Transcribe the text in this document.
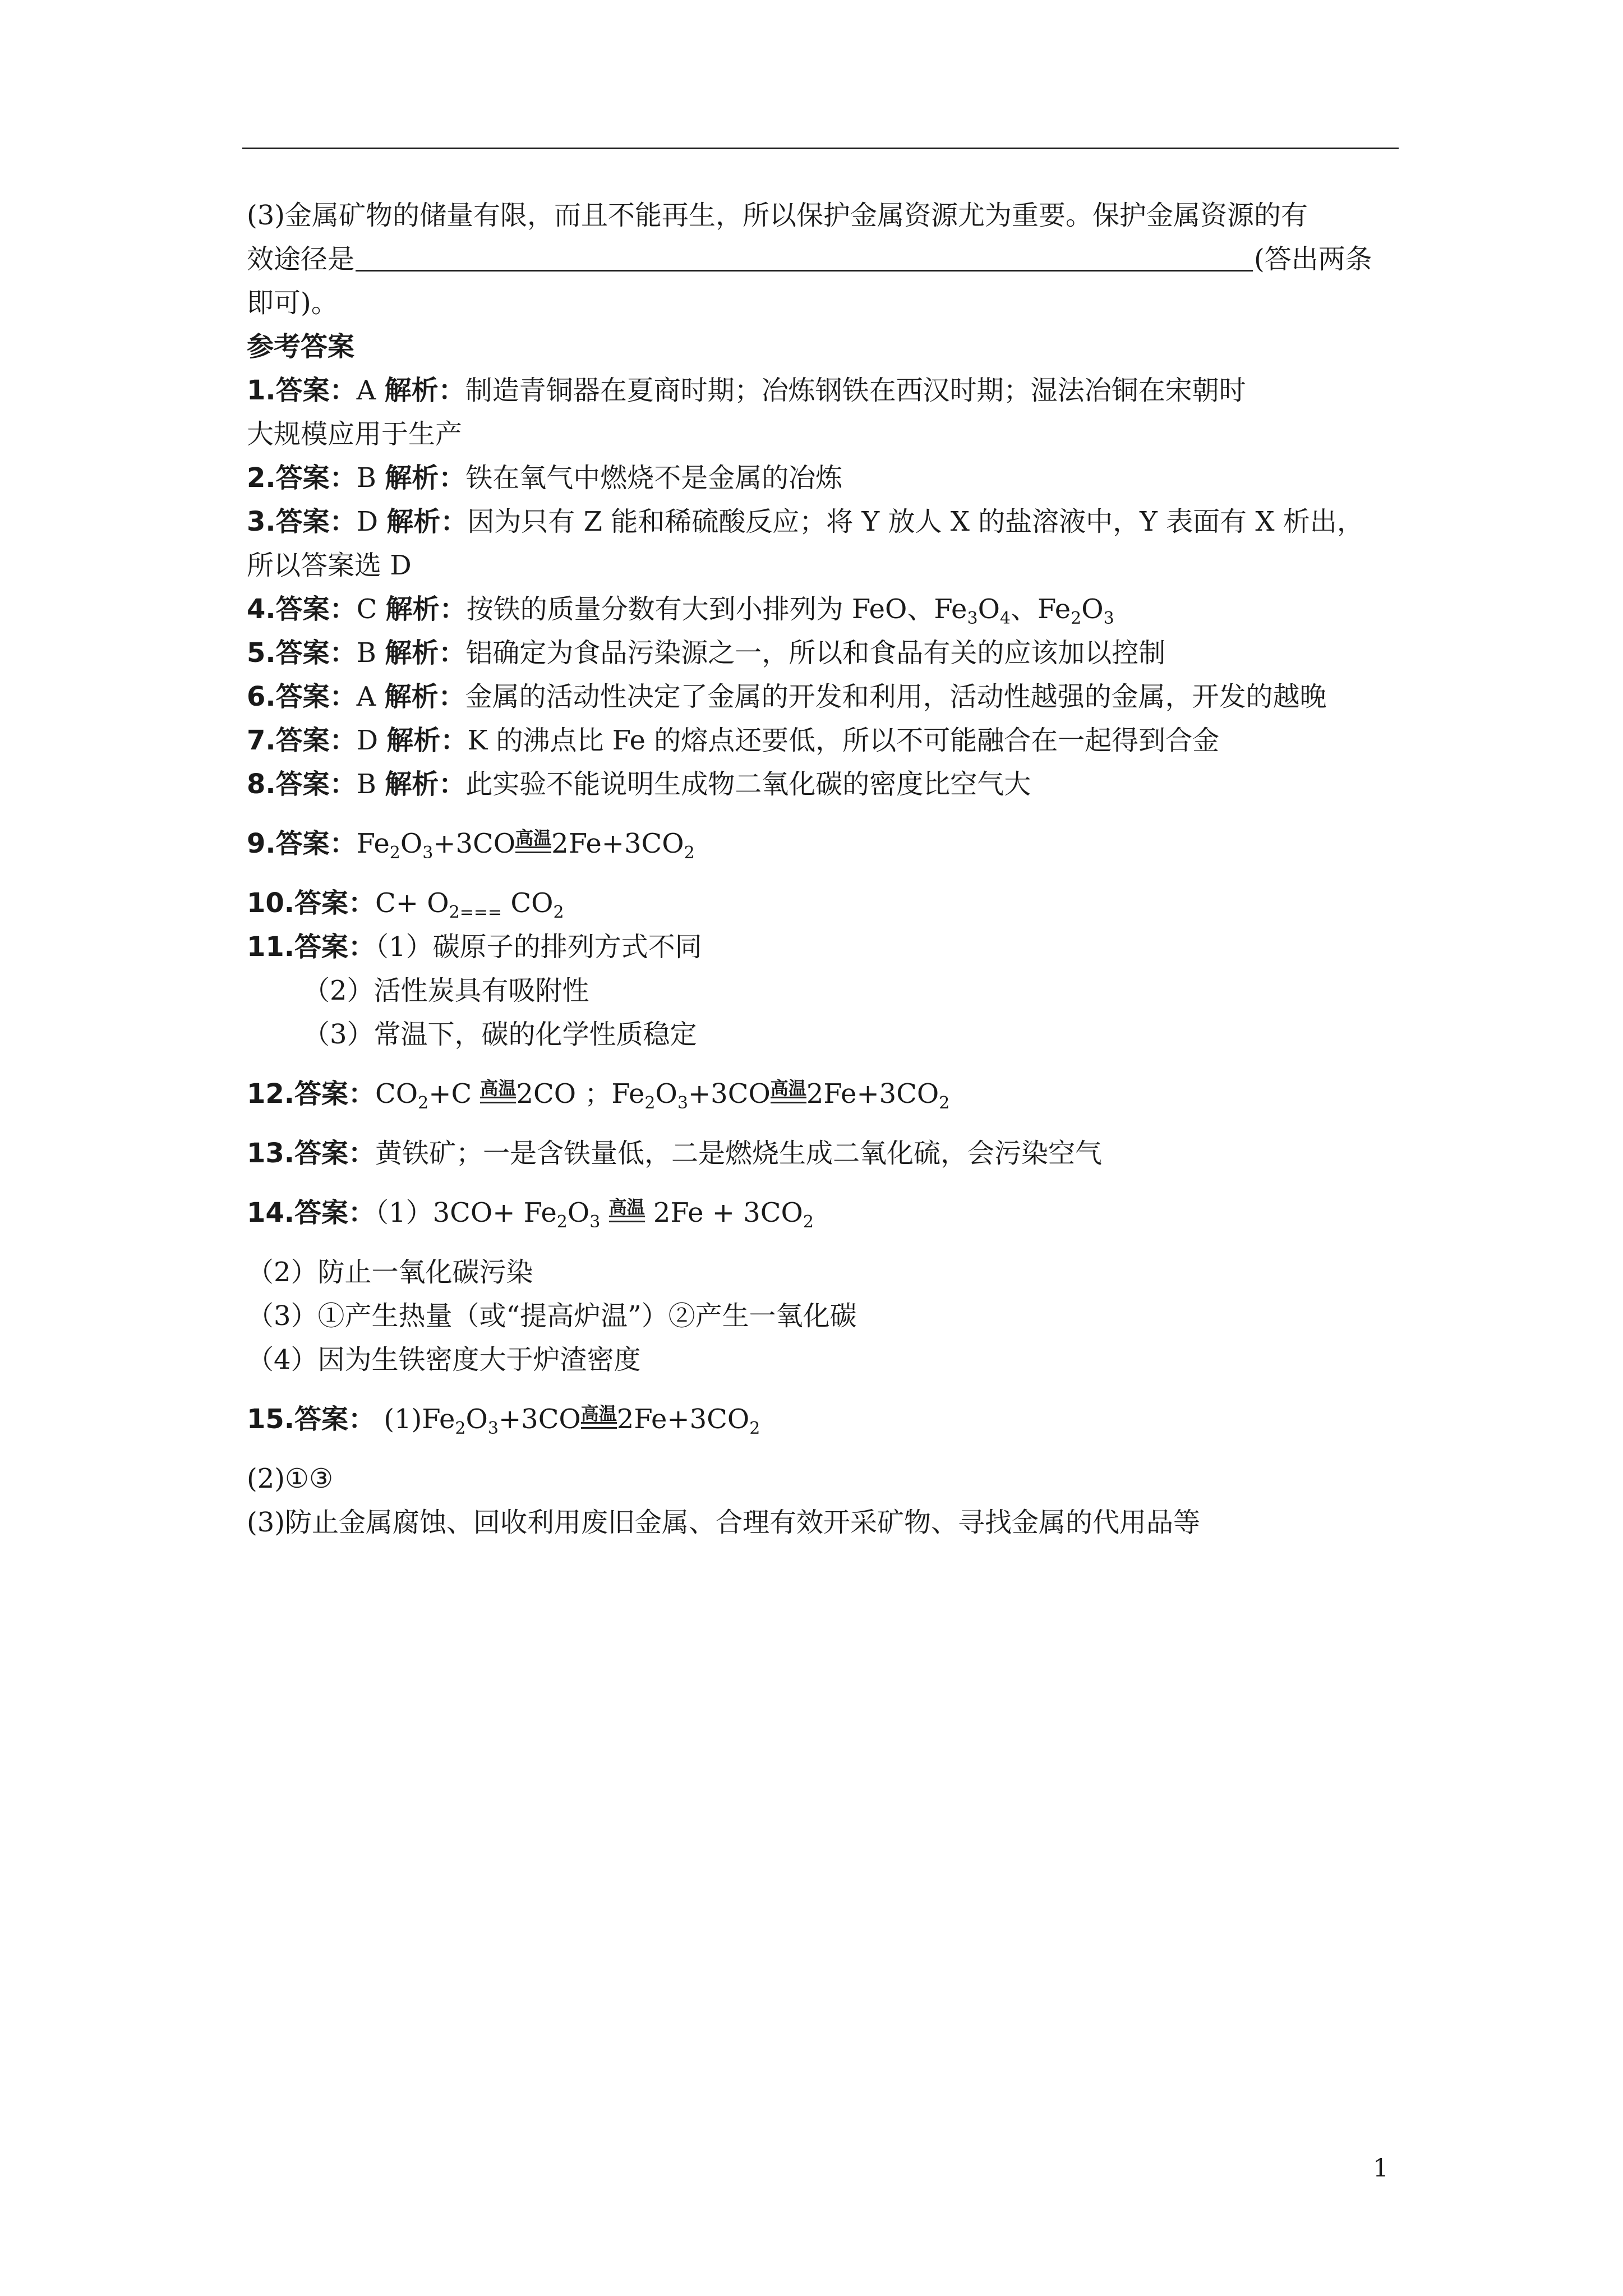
(3)金属矿物的储量有限，而且不能再生，所以保护金属资源尤为重要。保护金属资源的有
效途径是	(答出两条
即可)。
参考答案
1.答案：A 解析：制造青铜器在夏商时期；冶炼钢铁在西汉时期；湿法冶铜在宋朝时
大规模应用于生产
2.答案：B 解析：铁在氧气中燃烧不是金属的冶炼
3.答案：D 解析：因为只有 Z 能和稀硫酸反应；将 Y 放人 X 的盐溶液中，Y 表面有 X 析出，
所以答案选 D
4.答案：C 解析：按铁的质量分数有大到小排列为 FeO、$Fe_3O_4$、$Fe_2O_3$
5.答案：B 解析：铝确定为食品污染源之一，所以和食品有关的应该加以控制
6.答案：A 解析：金属的活动性决定了金属的开发和利用，活动性越强的金属，开发的越晚
7.答案：D 解析：K 的沸点比 Fe 的熔点还要低，所以不可能融合在一起得到合金
8.答案：B 解析：此实验不能说明生成物二氧化碳的密度比空气大
9.答案：$Fe_2O_3+3CO$ 高温 $2Fe+3CO_2$
10.答案：$C+ O_{2===}$ $CO_2$
11.答案：（1）碳原子的排列方式不同
（2）活性炭具有吸附性
（3）常温下，碳的化学性质稳定
12.答案：$CO_2+C$ 高温 2CO ；$Fe_2O_3+3CO$ 高温 $2Fe+3CO_2$
13.答案：黄铁矿；一是含铁量低，二是燃烧生成二氧化硫，会污染空气
14.答案：$(1)3CO+ Fe_2O_3$
高温 $2Fe + 3CO_2$
（2）防止一氧化碳污染
（3）①产生热量（或“提高炉温”）②产生一氧化碳
（4）因为生铁密度大于炉渣密度
15.答案： $(1)Fe_2O_3+3CO$ 高温 $2Fe+3CO_2$
(2)①③
(3)防止金属腐蚀、回收利用废旧金属、合理有效开采矿物、寻找金属的代用品等
1
